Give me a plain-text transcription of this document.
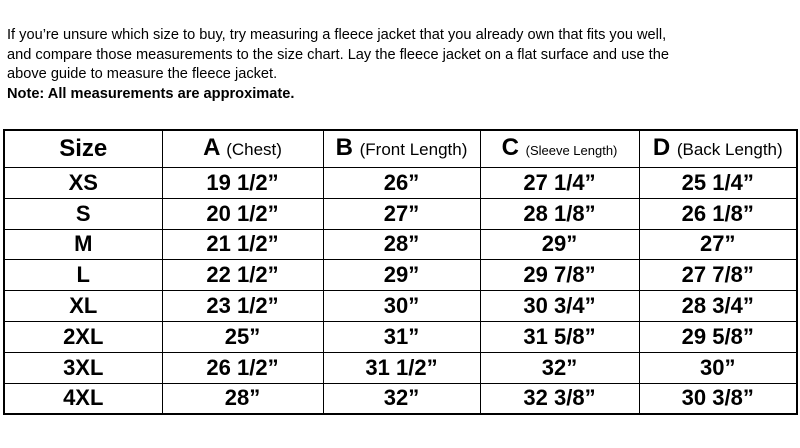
If you’re unsure which size to buy, try measuring a fleece jacket that you already own that fits you well,

and compare those measurements to the size chart. Lay the fleece jacket on a flat surface and use the

above guide to measure the fleece jacket.

Note: All measurements are approximate.

Size	A (Chest)	B (Front Length)	C (Sleeve Length)	D (Back Length)
XS	19 1/2”	26”	27 1/4”	25 1/4”
S	20 1/2”	27”	28 1/8”	26 1/8”
M	21 1/2”	28”	29”	27”
L	22 1/2”	29”	29 7/8”	27 7/8”
XL	23 1/2”	30”	30 3/4”	28 3/4”
2XL	25”	31”	31 5/8”	29 5/8”
3XL	26 1/2”	31 1/2”	32”	30”
4XL	28”	32”	32 3/8”	30 3/8”
